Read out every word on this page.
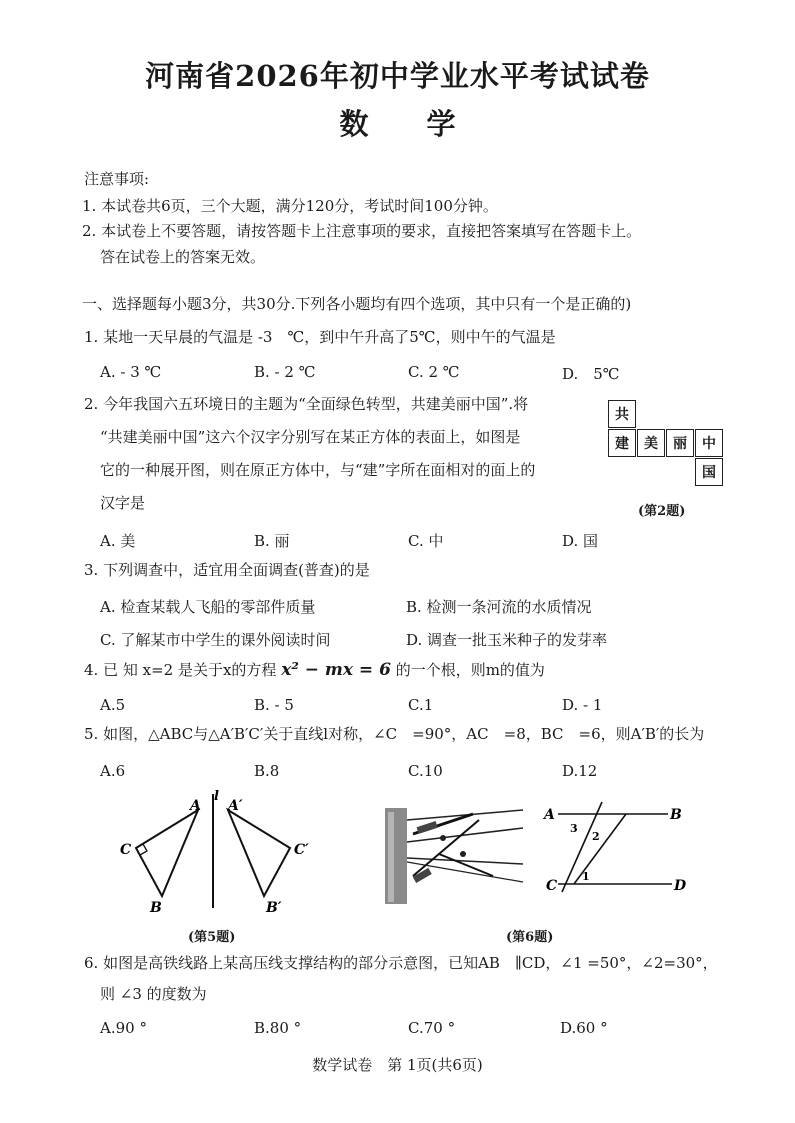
河南省2026年初中学业水平考试试卷
数　　学
注意事项:
1. 本试卷共6页，三个大题，满分120分，考试时间100分钟。
2. 本试卷上不要答题，请按答题卡上注意事项的要求，直接把答案填写在答题卡上。
答在试卷上的答案无效。
一、选择题每小题3分，共30分.下列各小题均有四个选项，其中只有一个是正确的)
1. 某地一天早晨的气温是 -3　℃，到中午升高了5℃，则中午的气温是
A. - 3 ℃	B. - 2 ℃	C. 2 ℃	D.　5℃
2. 今年我国六五环境日的主题为“全面绿色转型，共建美丽中国”.将
“共建美丽中国”这六个汉字分别写在某正方体的表面上，如图是
它的一种展开图，则在原正方体中，与“建”字所在面相对的面上的
汉字是
共
建	美	丽	中
国
(第2题)
A. 美	B. 丽	C. 中	D. 国
3. 下列调查中，适宜用全面调查(普查)的是
A. 检查某载人飞船的零部件质量	B. 检测一条河流的水质情况
C. 了解某市中学生的课外阅读时间	D. 调查一批玉米种子的发芽率
4. 已 知 x=2 是关于x的方程 x² − mx = 6 的一个根，则m的值为
A.5	B. - 5	C.1	D. - 1
5. 如图，△ABC与△A′B′C′关于直线l对称，∠C　=90°，AC　=8，BC　=6，则A′B′的长为
A.6	B.8	C.10	D.12
A A′
C	C′
B	B′
l
(第5题)
A	B
C	D
1
2
3
(第6题)
6. 如图是高铁线路上某高压线支撑结构的部分示意图，已知AB　∥CD，∠1 =50°，∠2=30°，
则 ∠3 的度数为
A.90 °	B.80 °	C.70 °	D.60 °
数学试卷　第 1页(共6页)
